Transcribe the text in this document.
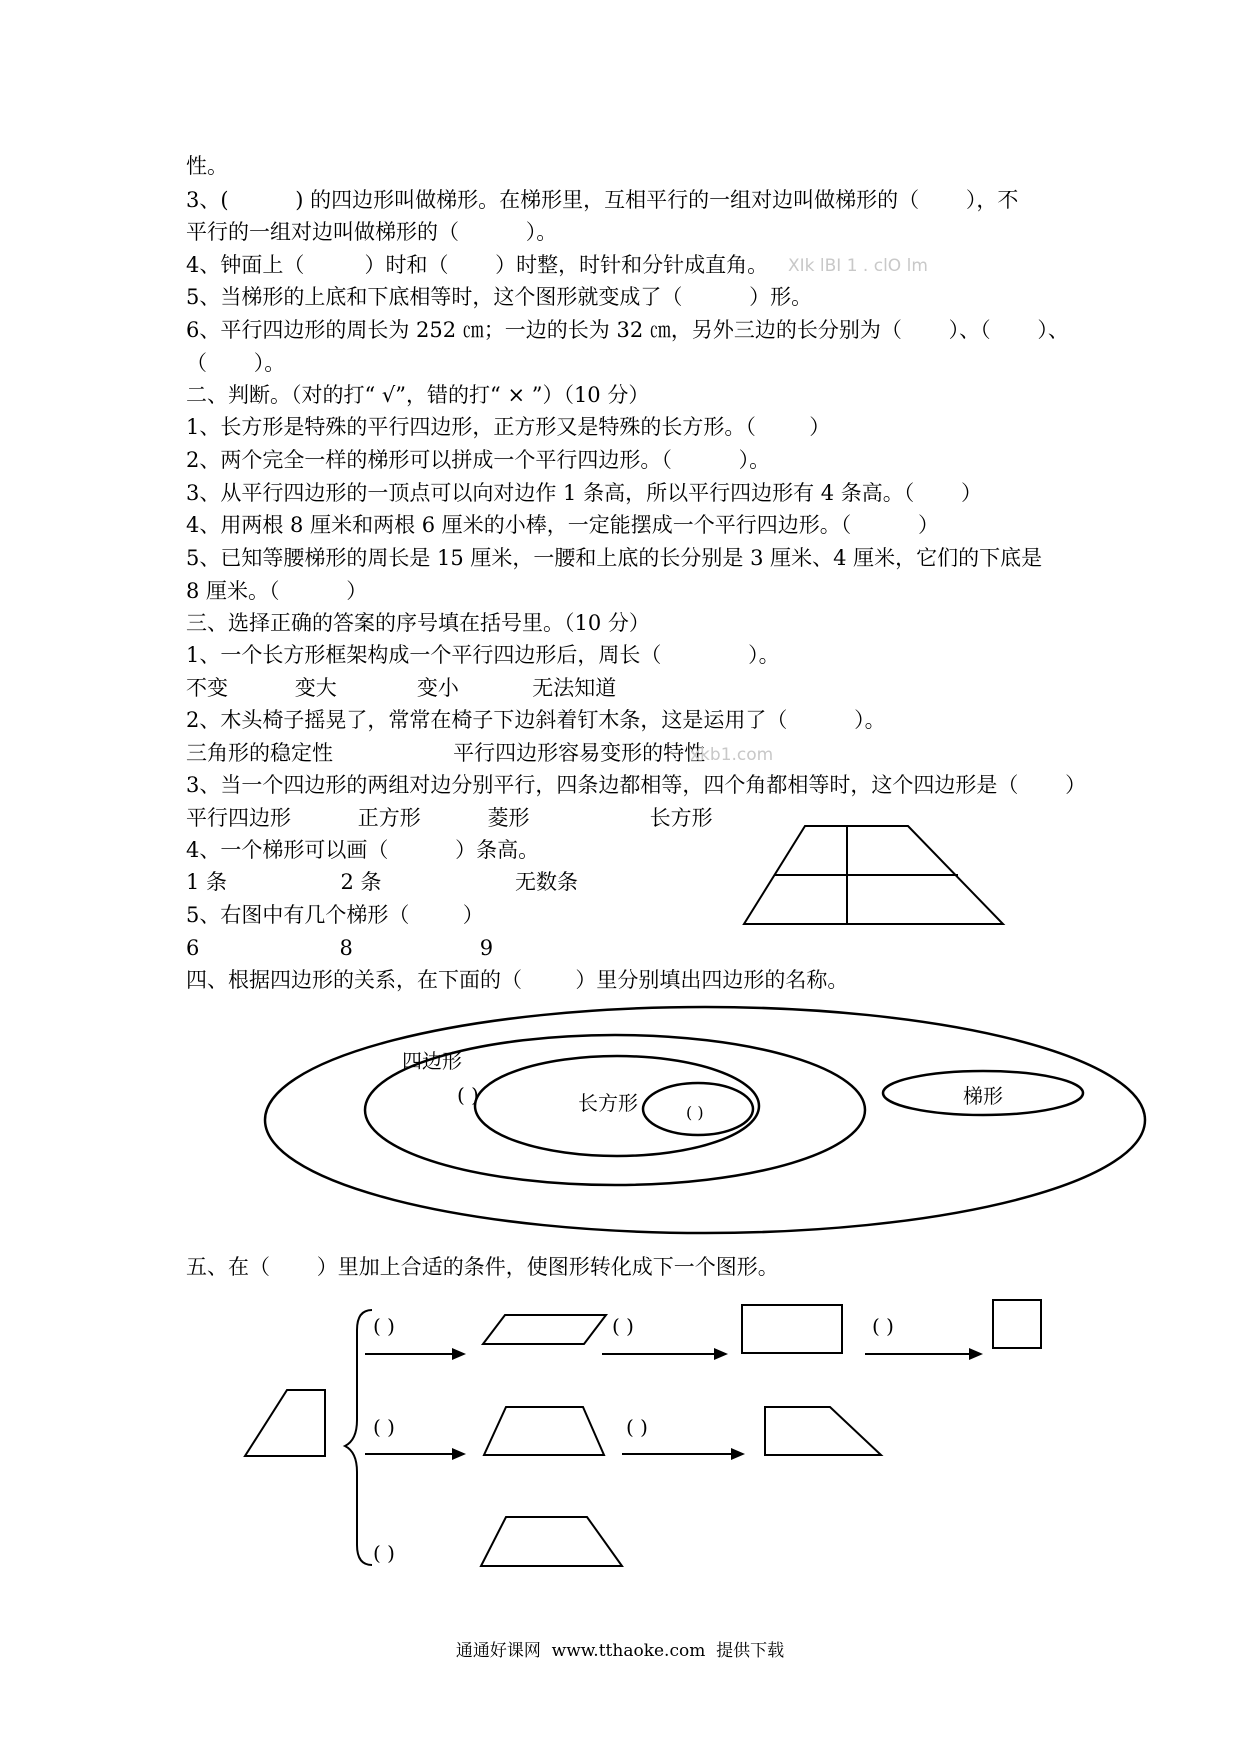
性。
3、(          ) 的四边形叫做梯形。在梯形里，互相平行的一组对边叫做梯形的（       ），不
平行的一组对边叫做梯形的（          ）。
4、钟面上（         ）时和（       ）时整，时针和分针成直角。
5、当梯形的上底和下底相等时，这个图形就变成了（          ）形。
6、平行四边形的周长为 252 ㎝；一边的长为 32 ㎝，另外三边的长分别为（       ）、（       ）、
（       ）。
二、判断。（对的打“ √”，错的打“ × ”）（10 分）
1、长方形是特殊的平行四边形，正方形又是特殊的长方形。（        ）
2、两个完全一样的梯形可以拼成一个平行四边形。（          ）。
3、从平行四边形的一顶点可以向对边作 1 条高，所以平行四边形有 4 条高。（       ）
4、用两根 8 厘米和两根 6 厘米的小棒，一定能摆成一个平行四边形。（          ）
5、已知等腰梯形的周长是 15 厘米，一腰和上底的长分别是 3 厘米、4 厘米，它们的下底是
8 厘米。（          ）
三、选择正确的答案的序号填在括号里。（10 分）
1、一个长方形框架构成一个平行四边形后，周长（             ）。
不变          变大            变小           无法知道
2、木头椅子摇晃了，常常在椅子下边斜着钉木条，这是运用了（          ）。
三角形的稳定性                  平行四边形容易变形的特性
3、当一个四边形的两组对边分别平行，四条边都相等，四个角都相等时，这个四边形是（       ）
平行四边形          正方形          菱形                  长方形
4、一个梯形可以画（          ）条高。
1 条                 2 条                    无数条
5、右图中有几个梯形（        ）
6                     8                   9
四、根据四边形的关系，在下面的（        ）里分别填出四边形的名称。
五、在（       ）里加上合适的条件，使图形转化成下一个图形。
XIk lBI 1 . clO lm
xkb1.com
四边形
( )	长方形	( )
梯形
( )	( )	( )
( )	( )
( )
通通好课网  www.tthaoke.com  提供下载
